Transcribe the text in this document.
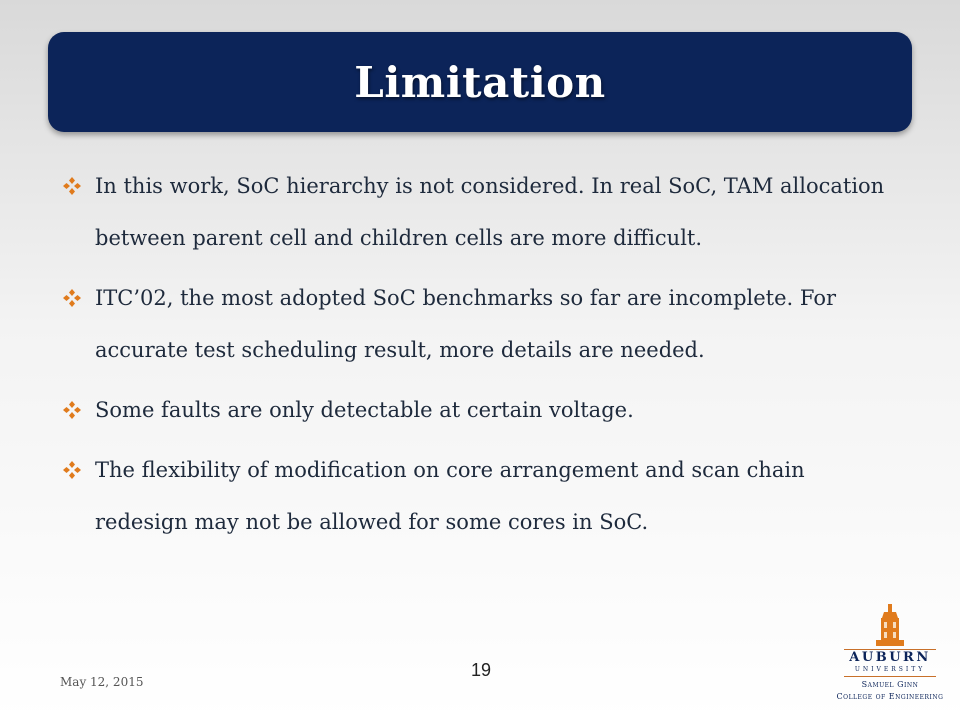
Limitation
In this work, SoC hierarchy is not considered. In real SoC, TAM allocation between parent cell and children cells are more difficult.
ITC’02, the most adopted SoC benchmarks so far are incomplete. For accurate test scheduling result, more details are needed.
Some faults are only detectable at certain voltage.
The flexibility of modification on core arrangement and scan chain redesign may not be allowed for some cores in SoC.
May 12, 2015
19
AUBURN
UNIVERSITY
Samuel Ginn
College of Engineering
